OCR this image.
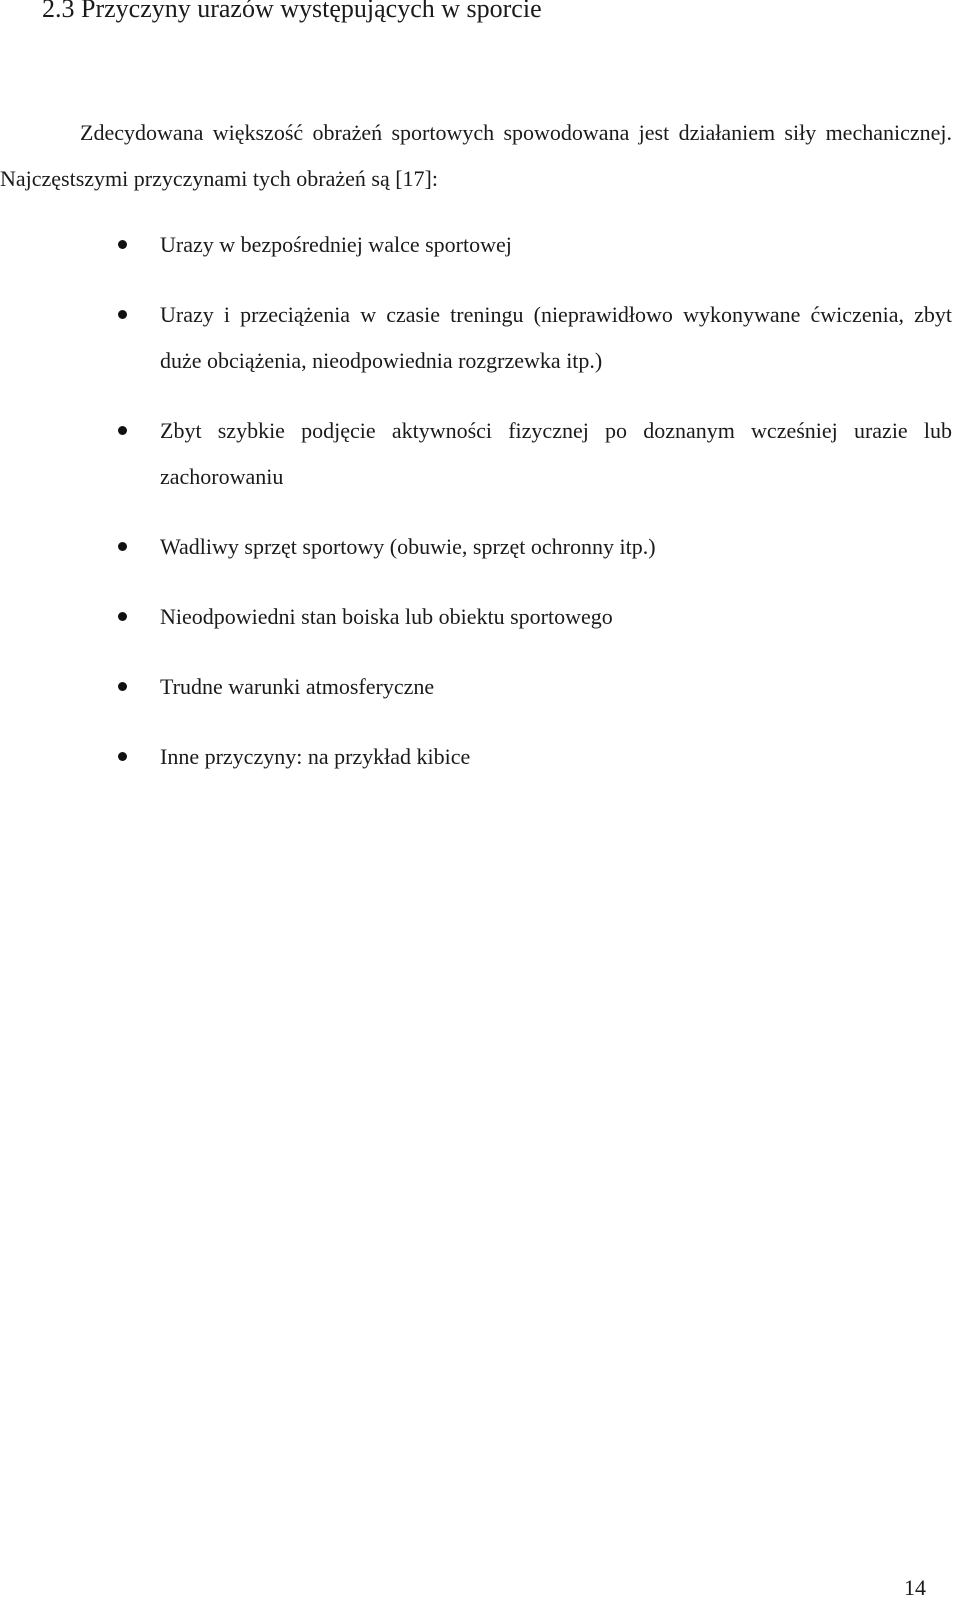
2.3 Przyczyny urazów występujących w sporcie
Zdecydowana większość obrażeń sportowych spowodowana jest działaniem siły mechanicznej. Najczęstszymi przyczynami tych obrażeń są [17]:
Urazy w bezpośredniej walce sportowej
Urazy i przeciążenia w czasie treningu (nieprawidłowo wykonywane ćwiczenia, zbyt duże obciążenia, nieodpowiednia rozgrzewka itp.)
Zbyt szybkie podjęcie aktywności fizycznej po doznanym wcześniej urazie lub zachorowaniu
Wadliwy sprzęt sportowy (obuwie, sprzęt ochronny itp.)
Nieodpowiedni stan boiska lub obiektu sportowego
Trudne warunki atmosferyczne
Inne przyczyny: na przykład kibice
14
